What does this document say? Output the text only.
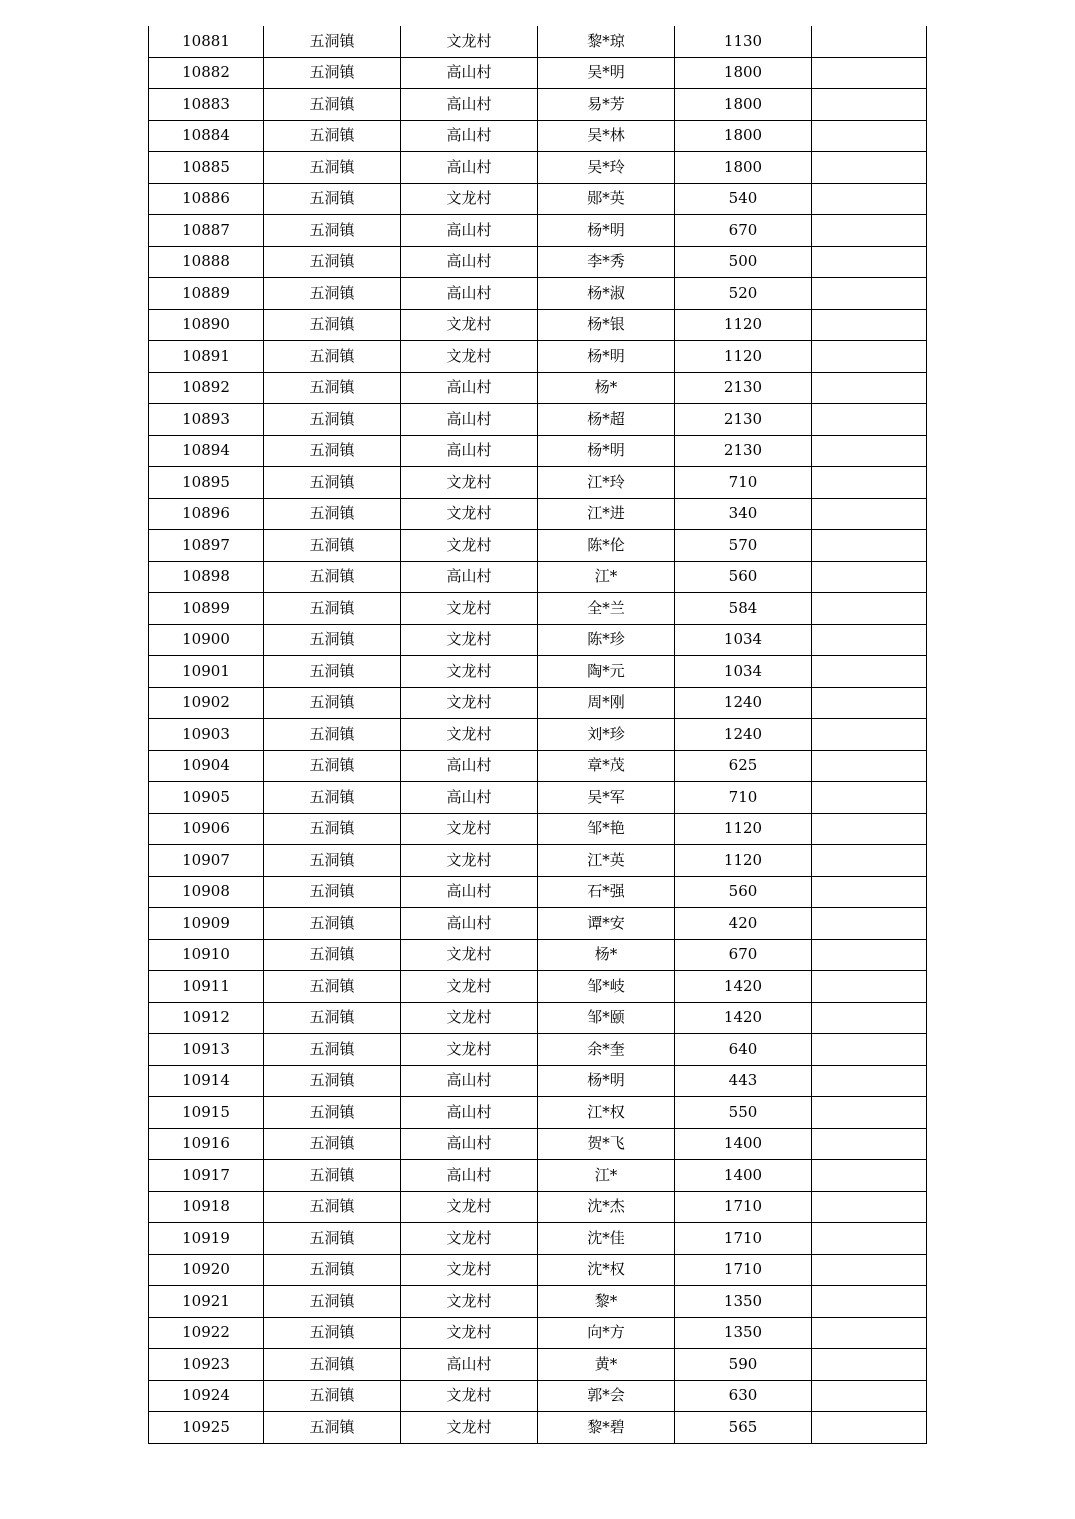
10881	五洞镇	文龙村	黎*琼	1130	
10882	五洞镇	高山村	吴*明	1800	
10883	五洞镇	高山村	易*芳	1800	
10884	五洞镇	高山村	吴*林	1800	
10885	五洞镇	高山村	吴*玲	1800	
10886	五洞镇	文龙村	郧*英	540	
10887	五洞镇	高山村	杨*明	670	
10888	五洞镇	高山村	李*秀	500	
10889	五洞镇	高山村	杨*淑	520	
10890	五洞镇	文龙村	杨*银	1120	
10891	五洞镇	文龙村	杨*明	1120	
10892	五洞镇	高山村	杨*	2130	
10893	五洞镇	高山村	杨*超	2130	
10894	五洞镇	高山村	杨*明	2130	
10895	五洞镇	文龙村	江*玲	710	
10896	五洞镇	文龙村	江*进	340	
10897	五洞镇	文龙村	陈*伦	570	
10898	五洞镇	高山村	江*	560	
10899	五洞镇	文龙村	全*兰	584	
10900	五洞镇	文龙村	陈*珍	1034	
10901	五洞镇	文龙村	陶*元	1034	
10902	五洞镇	文龙村	周*刚	1240	
10903	五洞镇	文龙村	刘*珍	1240	
10904	五洞镇	高山村	章*茂	625	
10905	五洞镇	高山村	吴*军	710	
10906	五洞镇	文龙村	邹*艳	1120	
10907	五洞镇	文龙村	江*英	1120	
10908	五洞镇	高山村	石*强	560	
10909	五洞镇	高山村	谭*安	420	
10910	五洞镇	文龙村	杨*	670	
10911	五洞镇	文龙村	邹*岐	1420	
10912	五洞镇	文龙村	邹*颐	1420	
10913	五洞镇	文龙村	余*奎	640	
10914	五洞镇	高山村	杨*明	443	
10915	五洞镇	高山村	江*权	550	
10916	五洞镇	高山村	贺*飞	1400	
10917	五洞镇	高山村	江*	1400	
10918	五洞镇	文龙村	沈*杰	1710	
10919	五洞镇	文龙村	沈*佳	1710	
10920	五洞镇	文龙村	沈*权	1710	
10921	五洞镇	文龙村	黎*	1350	
10922	五洞镇	文龙村	向*方	1350	
10923	五洞镇	高山村	黄*	590	
10924	五洞镇	文龙村	郭*会	630	
10925	五洞镇	文龙村	黎*碧	565	
